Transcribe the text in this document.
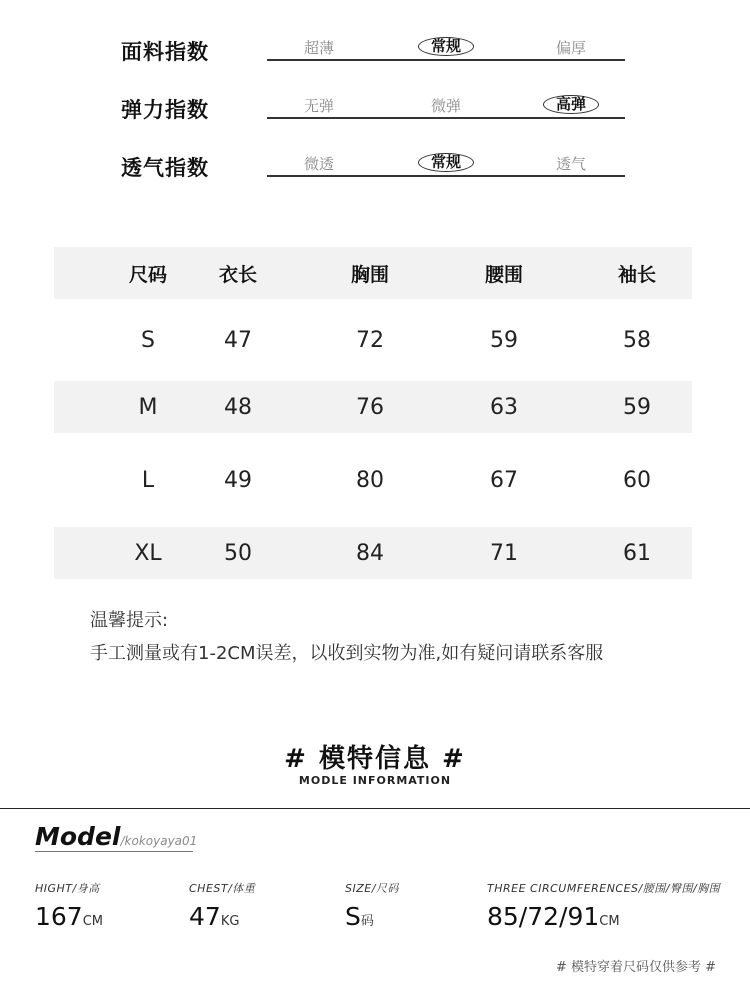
面料指数	超薄	常规	偏厚
弹力指数	无弹	微弹	高弹
透气指数	微透	常规	透气
尺码	衣长	胸围	腰围	袖长
S	47	72	59	58
M	48	76	63	59
L	49	80	67	60
XL	50	84	71	61
温馨提示:
手工测量或有1-2CM误差，以收到实物为准,如有疑问请联系客服
# 模特信息 #
MODLE INFORMATION
Model/kokoyaya01
HIGHT/身高
167CM
CHEST/体重
47KG
SIZE/尺码
S码
THREE CIRCUMFERENCES/腰围/臀围/胸围
85/72/91CM
# 模特穿着尺码仅供参考 #
